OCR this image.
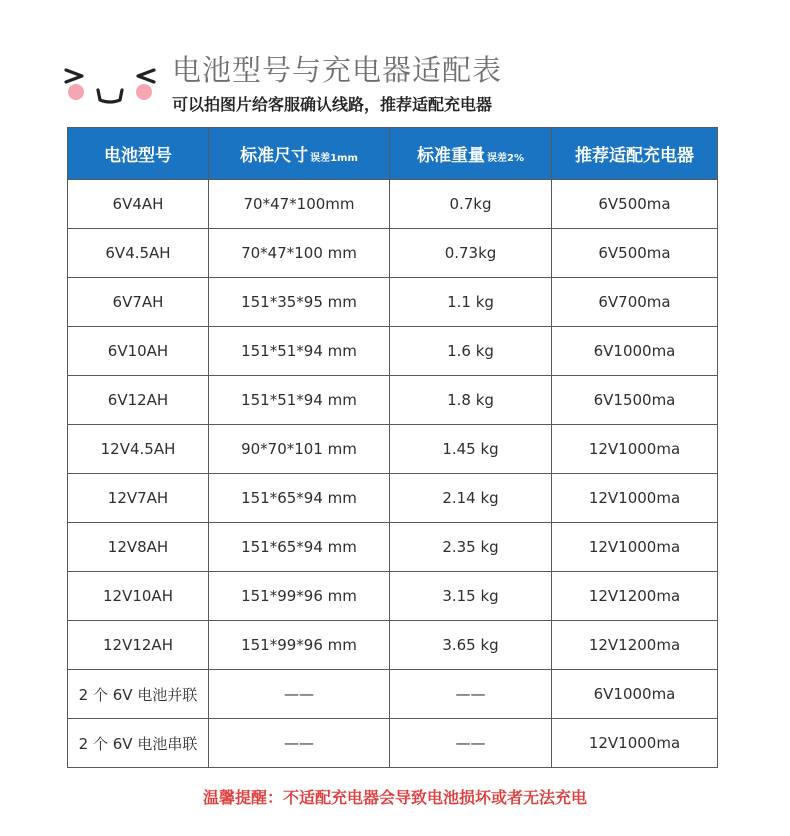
电池型号与充电器适配表
可以拍图片给客服确认线路，推荐适配充电器
电池型号	标准尺寸 误差1mm	标准重量 误差2%	推荐适配充电器
6V4AH	70*47*100mm	0.7kg	6V500ma
6V4.5AH	70*47*100 mm	0.73kg	6V500ma
6V7AH	151*35*95 mm	1.1 kg	6V700ma
6V10AH	151*51*94 mm	1.6 kg	6V1000ma
6V12AH	151*51*94 mm	1.8 kg	6V1500ma
12V4.5AH	90*70*101 mm	1.45 kg	12V1000ma
12V7AH	151*65*94 mm	2.14 kg	12V1000ma
12V8AH	151*65*94 mm	2.35 kg	12V1000ma
12V10AH	151*99*96 mm	3.15 kg	12V1200ma
12V12AH	151*99*96 mm	3.65 kg	12V1200ma
2 个 6V 电池并联	——	——	6V1000ma
2 个 6V 电池串联	——	——	12V1000ma
温馨提醒：不适配充电器会导致电池损坏或者无法充电
